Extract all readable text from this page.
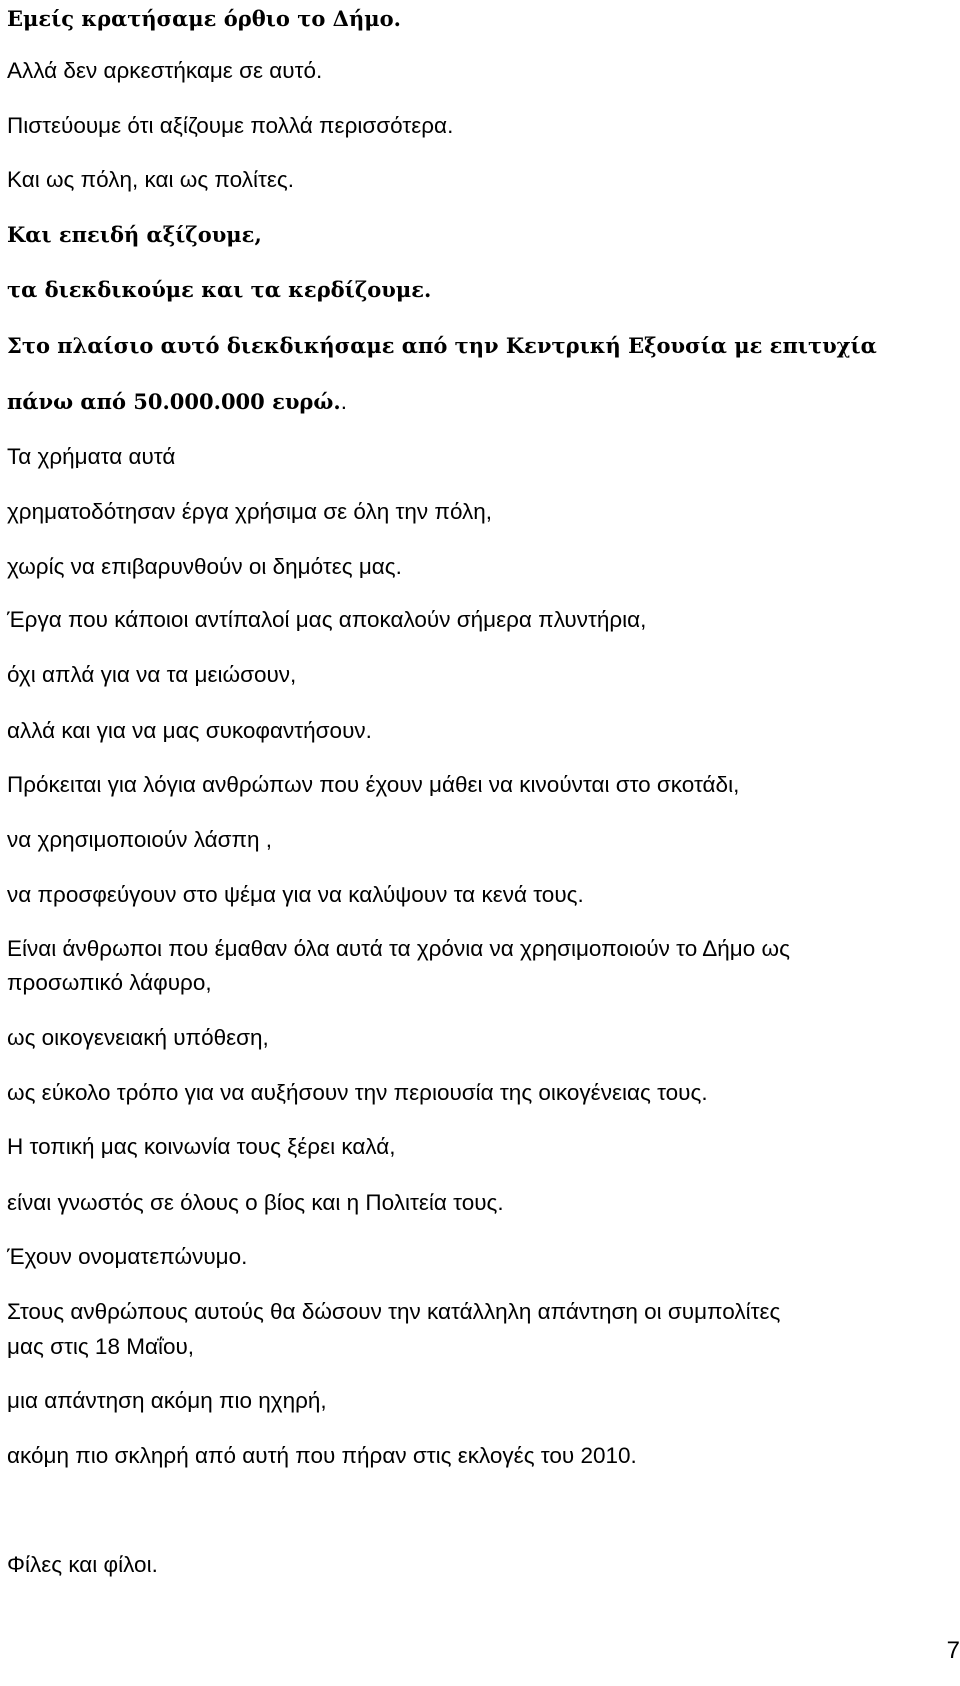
Εμείς κρατήσαμε όρθιο το Δήμο.

Αλλά δεν αρκεστήκαμε σε αυτό.

Πιστεύουμε ότι αξίζουμε πολλά περισσότερα.

Και ως πόλη, και ως πολίτες.

Και επειδή αξίζουμε,

τα διεκδικούμε και τα κερδίζουμε.

Στο πλαίσιο αυτό διεκδικήσαμε από την Κεντρική Εξουσία με επιτυχία

πάνω από 50.000.000 ευρώ..

Τα χρήματα αυτά

χρηματοδότησαν έργα χρήσιμα σε όλη την πόλη,

χωρίς να επιβαρυνθούν οι δημότες μας.

Έργα που κάποιοι αντίπαλοί μας αποκαλούν σήμερα πλυντήρια,

όχι απλά για να τα μειώσουν,

αλλά και για να μας συκοφαντήσουν.

Πρόκειται για λόγια ανθρώπων που έχουν μάθει να κινούνται στο σκοτάδι,

να χρησιμοποιούν λάσπη ,

να προσφεύγουν στο ψέμα για να καλύψουν τα κενά τους.

Είναι άνθρωποι που έμαθαν όλα αυτά τα χρόνια να χρησιμοποιούν το Δήμο ως

προσωπικό λάφυρο,

ως οικογενειακή υπόθεση,

ως εύκολο τρόπο για να αυξήσουν την περιουσία της οικογένειας τους.

Η τοπική μας κοινωνία τους ξέρει καλά,

είναι γνωστός σε όλους ο βίος και η Πολιτεία τους.

Έχουν ονοματεπώνυμο.

Στους ανθρώπους αυτούς θα δώσουν την κατάλληλη απάντηση οι συμπολίτες

μας στις 18 Μαΐου,

μια απάντηση ακόμη πιο ηχηρή,

ακόμη πιο σκληρή από αυτή που πήραν στις εκλογές του 2010.

Φίλες και φίλοι.

7
